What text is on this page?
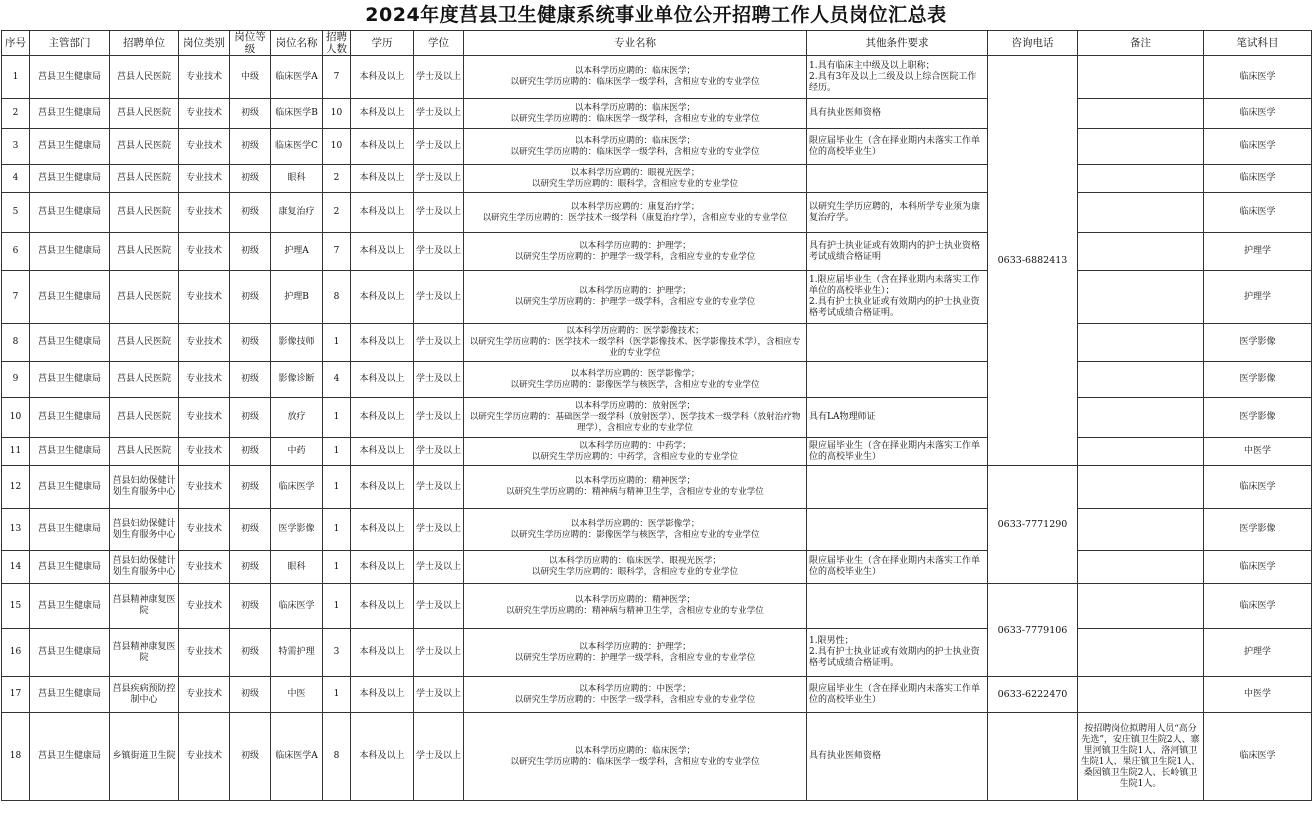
2024年度莒县卫生健康系统事业单位公开招聘工作人员岗位汇总表
序号	主管部门	招聘单位	岗位类别	岗位等级	岗位名称	招聘人数	学历	学位	专业名称	其他条件要求	咨询电话	备注	笔试科目
1	莒县卫生健康局	莒县人民医院	专业技术	中级	临床医学A	7	本科及以上	学士及以上	以本科学历应聘的：临床医学；
以研究生学历应聘的：临床医学一级学科，含相应专业的专业学位	1.具有临床主中级及以上职称；
2.具有3年及以上二级及以上综合医院工作经历。	0633-6882413		临床医学
2	莒县卫生健康局	莒县人民医院	专业技术	初级	临床医学B	10	本科及以上	学士及以上	以本科学历应聘的：临床医学；
以研究生学历应聘的：临床医学一级学科，含相应专业的专业学位	具有执业医师资格			临床医学
3	莒县卫生健康局	莒县人民医院	专业技术	初级	临床医学C	10	本科及以上	学士及以上	以本科学历应聘的：临床医学；
以研究生学历应聘的：临床医学一级学科，含相应专业的专业学位	限应届毕业生（含在择业期内未落实工作单位的高校毕业生）			临床医学
4	莒县卫生健康局	莒县人民医院	专业技术	初级	眼科	2	本科及以上	学士及以上	以本科学历应聘的：眼视光医学；
以研究生学历应聘的：眼科学，含相应专业的专业学位				临床医学
5	莒县卫生健康局	莒县人民医院	专业技术	初级	康复治疗	2	本科及以上	学士及以上	以本科学历应聘的：康复治疗学；
以研究生学历应聘的：医学技术一级学科（康复治疗学），含相应专业的专业学位	以研究生学历应聘的，本科所学专业须为康复治疗学。			临床医学
6	莒县卫生健康局	莒县人民医院	专业技术	初级	护理A	7	本科及以上	学士及以上	以本科学历应聘的：护理学；
以研究生学历应聘的：护理学一级学科，含相应专业的专业学位	具有护士执业证或有效期内的护士执业资格考试成绩合格证明			护理学
7	莒县卫生健康局	莒县人民医院	专业技术	初级	护理B	8	本科及以上	学士及以上	以本科学历应聘的：护理学；
以研究生学历应聘的：护理学一级学科，含相应专业的专业学位	1.限应届毕业生（含在择业期内未落实工作单位的高校毕业生）；
2.具有护士执业证或有效期内的护士执业资格考试成绩合格证明。			护理学
8	莒县卫生健康局	莒县人民医院	专业技术	初级	影像技师	1	本科及以上	学士及以上	以本科学历应聘的：医学影像技术；
以研究生学历应聘的：医学技术一级学科（医学影像技术、医学影像技术学），含相应专业的专业学位				医学影像
9	莒县卫生健康局	莒县人民医院	专业技术	初级	影像诊断	4	本科及以上	学士及以上	以本科学历应聘的：医学影像学；
以研究生学历应聘的：影像医学与核医学，含相应专业的专业学位				医学影像
10	莒县卫生健康局	莒县人民医院	专业技术	初级	放疗	1	本科及以上	学士及以上	以本科学历应聘的：放射医学；
以研究生学历应聘的：基础医学一级学科（放射医学）、医学技术一级学科（放射治疗物理学），含相应专业的专业学位	具有LA物理师证			医学影像
11	莒县卫生健康局	莒县人民医院	专业技术	初级	中药	1	本科及以上	学士及以上	以本科学历应聘的：中药学；
以研究生学历应聘的：中药学，含相应专业的专业学位	限应届毕业生（含在择业期内未落实工作单位的高校毕业生）			中医学
12	莒县卫生健康局	莒县妇幼保健计划生育服务中心	专业技术	初级	临床医学	1	本科及以上	学士及以上	以本科学历应聘的：精神医学；
以研究生学历应聘的：精神病与精神卫生学，含相应专业的专业学位		0633-7771290		临床医学
13	莒县卫生健康局	莒县妇幼保健计划生育服务中心	专业技术	初级	医学影像	1	本科及以上	学士及以上	以本科学历应聘的：医学影像学；
以研究生学历应聘的：影像医学与核医学，含相应专业的专业学位				医学影像
14	莒县卫生健康局	莒县妇幼保健计划生育服务中心	专业技术	初级	眼科	1	本科及以上	学士及以上	以本科学历应聘的：临床医学、眼视光医学；
以研究生学历应聘的：眼科学，含相应专业的专业学位	限应届毕业生（含在择业期内未落实工作单位的高校毕业生）			临床医学
15	莒县卫生健康局	莒县精神康复医院	专业技术	初级	临床医学	1	本科及以上	学士及以上	以本科学历应聘的：精神医学；
以研究生学历应聘的：精神病与精神卫生学，含相应专业的专业学位		0633-7779106		临床医学
16	莒县卫生健康局	莒县精神康复医院	专业技术	初级	特需护理	3	本科及以上	学士及以上	以本科学历应聘的：护理学；
以研究生学历应聘的：护理学一级学科，含相应专业的专业学位	1.限男性；
2.具有护士执业证或有效期内的护士执业资格考试成绩合格证明。			护理学
17	莒县卫生健康局	莒县疾病预防控制中心	专业技术	初级	中医	1	本科及以上	学士及以上	以本科学历应聘的：中医学；
以研究生学历应聘的：中医学一级学科，含相应专业的专业学位	限应届毕业生（含在择业期内未落实工作单位的高校毕业生）	0633-6222470		中医学
18	莒县卫生健康局	乡镇街道卫生院	专业技术	初级	临床医学A	8	本科及以上	学士及以上	以本科学历应聘的：临床医学；
以研究生学历应聘的：临床医学一级学科，含相应专业的专业学位	具有执业医师资格		按招聘岗位拟聘用人员“高分先选”，安庄镇卫生院2人、寨里河镇卫生院1人、洛河镇卫生院1人、果庄镇卫生院1人、桑园镇卫生院2人、长岭镇卫生院1人。	临床医学
